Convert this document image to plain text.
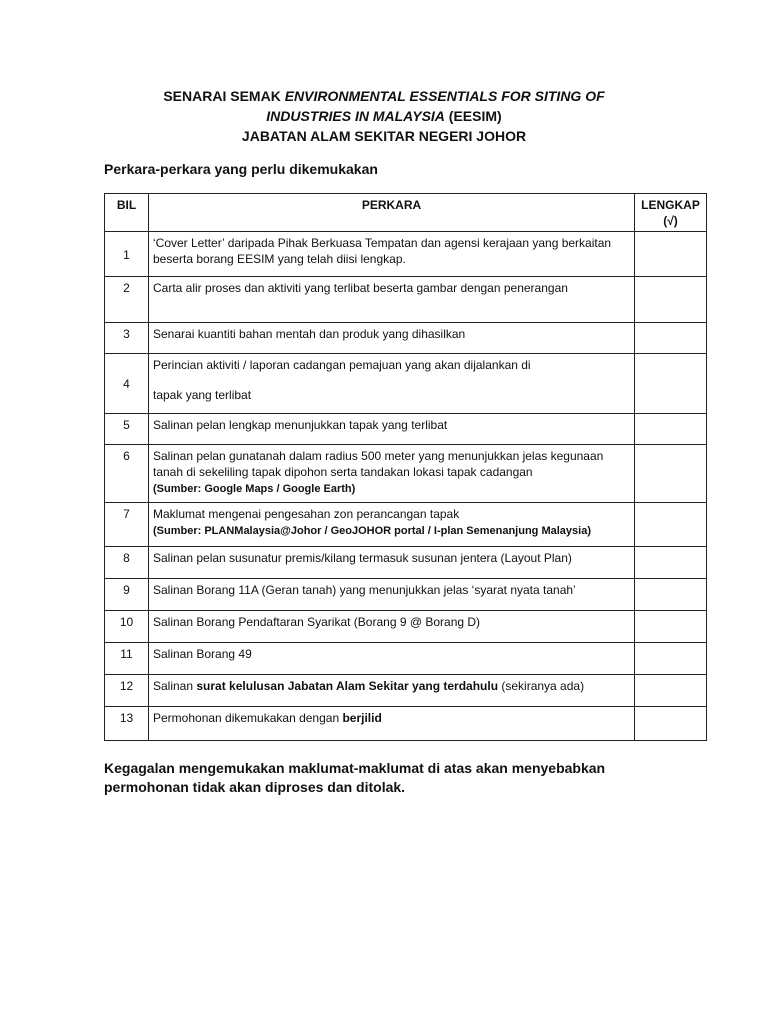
SENARAI SEMAK ENVIRONMENTAL ESSENTIALS FOR SITING OF
INDUSTRIES IN MALAYSIA (EESIM)
JABATAN ALAM SEKITAR NEGERI JOHOR
Perkara-perkara yang perlu dikemukakan
BIL	PERKARA	LENGKAP
(√)
1	‘Cover Letter’ daripada Pihak Berkuasa Tempatan dan agensi kerajaan yang berkaitan beserta borang EESIM yang telah diisi lengkap.	
2	Carta alir proses dan aktiviti yang terlibat beserta gambar dengan penerangan	
3	Senarai kuantiti bahan mentah dan produk yang dihasilkan	
4	Perincian aktiviti / laporan cadangan pemajuan yang akan dijalankan di
tapak yang terlibat	
5	Salinan pelan lengkap menunjukkan tapak yang terlibat	
6	Salinan pelan gunatanah dalam radius 500 meter yang menunjukkan jelas kegunaan tanah di sekeliling tapak dipohon serta tandakan lokasi tapak cadangan
(Sumber: Google Maps / Google Earth)	
7	Maklumat mengenai pengesahan zon perancangan tapak
(Sumber: PLANMalaysia@Johor / GeoJOHOR portal / I-plan Semenanjung Malaysia)	
8	Salinan pelan susunatur premis/kilang termasuk susunan jentera (Layout Plan)	
9	Salinan Borang 11A (Geran tanah) yang menunjukkan jelas ‘syarat nyata tanah’	
10	Salinan Borang Pendaftaran Syarikat (Borang 9 @ Borang D)	
11	Salinan Borang 49	
12	Salinan surat kelulusan Jabatan Alam Sekitar yang terdahulu (sekiranya ada)	
13	Permohonan dikemukakan dengan berjilid	
Kegagalan mengemukakan maklumat-maklumat di atas akan menyebabkan permohonan tidak akan diproses dan ditolak.
